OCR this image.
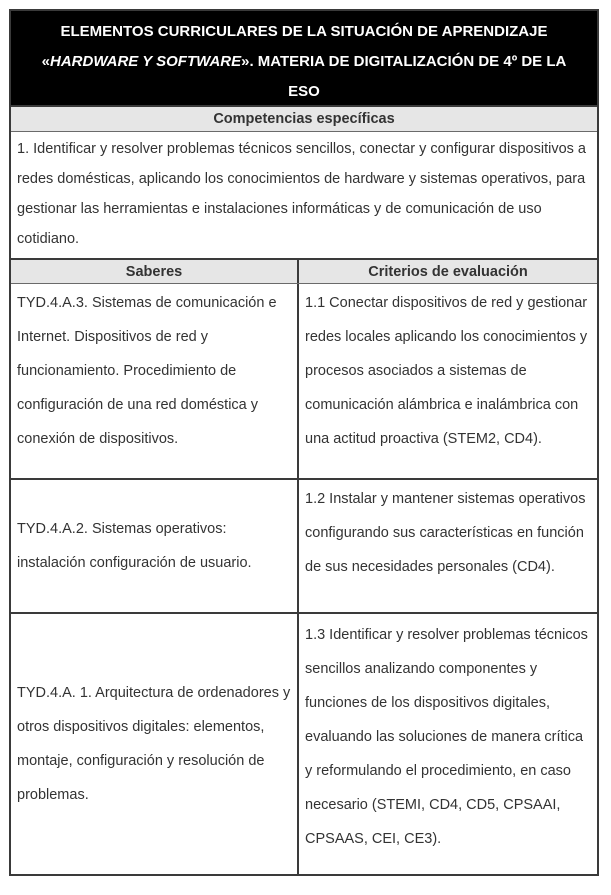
ELEMENTOS CURRICULARES DE LA SITUACIÓN DE APRENDIZAJE
«HARDWARE Y SOFTWARE». MATERIA DE DIGITALIZACIÓN DE 4º DE LA
ESO
Competencias específicas
1. Identificar y resolver problemas técnicos sencillos, conectar y configurar dispositivos a redes domésticas, aplicando los conocimientos de hardware y sistemas operativos, para gestionar las herramientas e instalaciones informáticas y de comunicación de uso cotidiano.
Saberes	Criterios de evaluación
TYD.4.A.3. Sistemas de comunicación e Internet. Dispositivos de red y funcionamiento. Procedimiento de configuración de una red doméstica y conexión de dispositivos.
1.1 Conectar dispositivos de red y gestionar redes locales aplicando los conocimientos y procesos asociados a sistemas de comunicación alámbrica e inalámbrica con una actitud proactiva (STEM2, CD4).
TYD.4.A.2. Sistemas operativos: instalación configuración de usuario.
1.2 Instalar y mantener sistemas operativos configurando sus características en función de sus necesidades personales (CD4).
TYD.4.A. 1. Arquitectura de ordenadores y otros dispositivos digitales: elementos, montaje, configuración y resolución de problemas.
1.3 Identificar y resolver problemas técnicos sencillos analizando componentes y funciones de los dispositivos digitales, evaluando las soluciones de manera crítica y reformulando el procedimiento, en caso necesario (STEMI, CD4, CD5, CPSAAI, CPSAAS, CEI, CE3).
